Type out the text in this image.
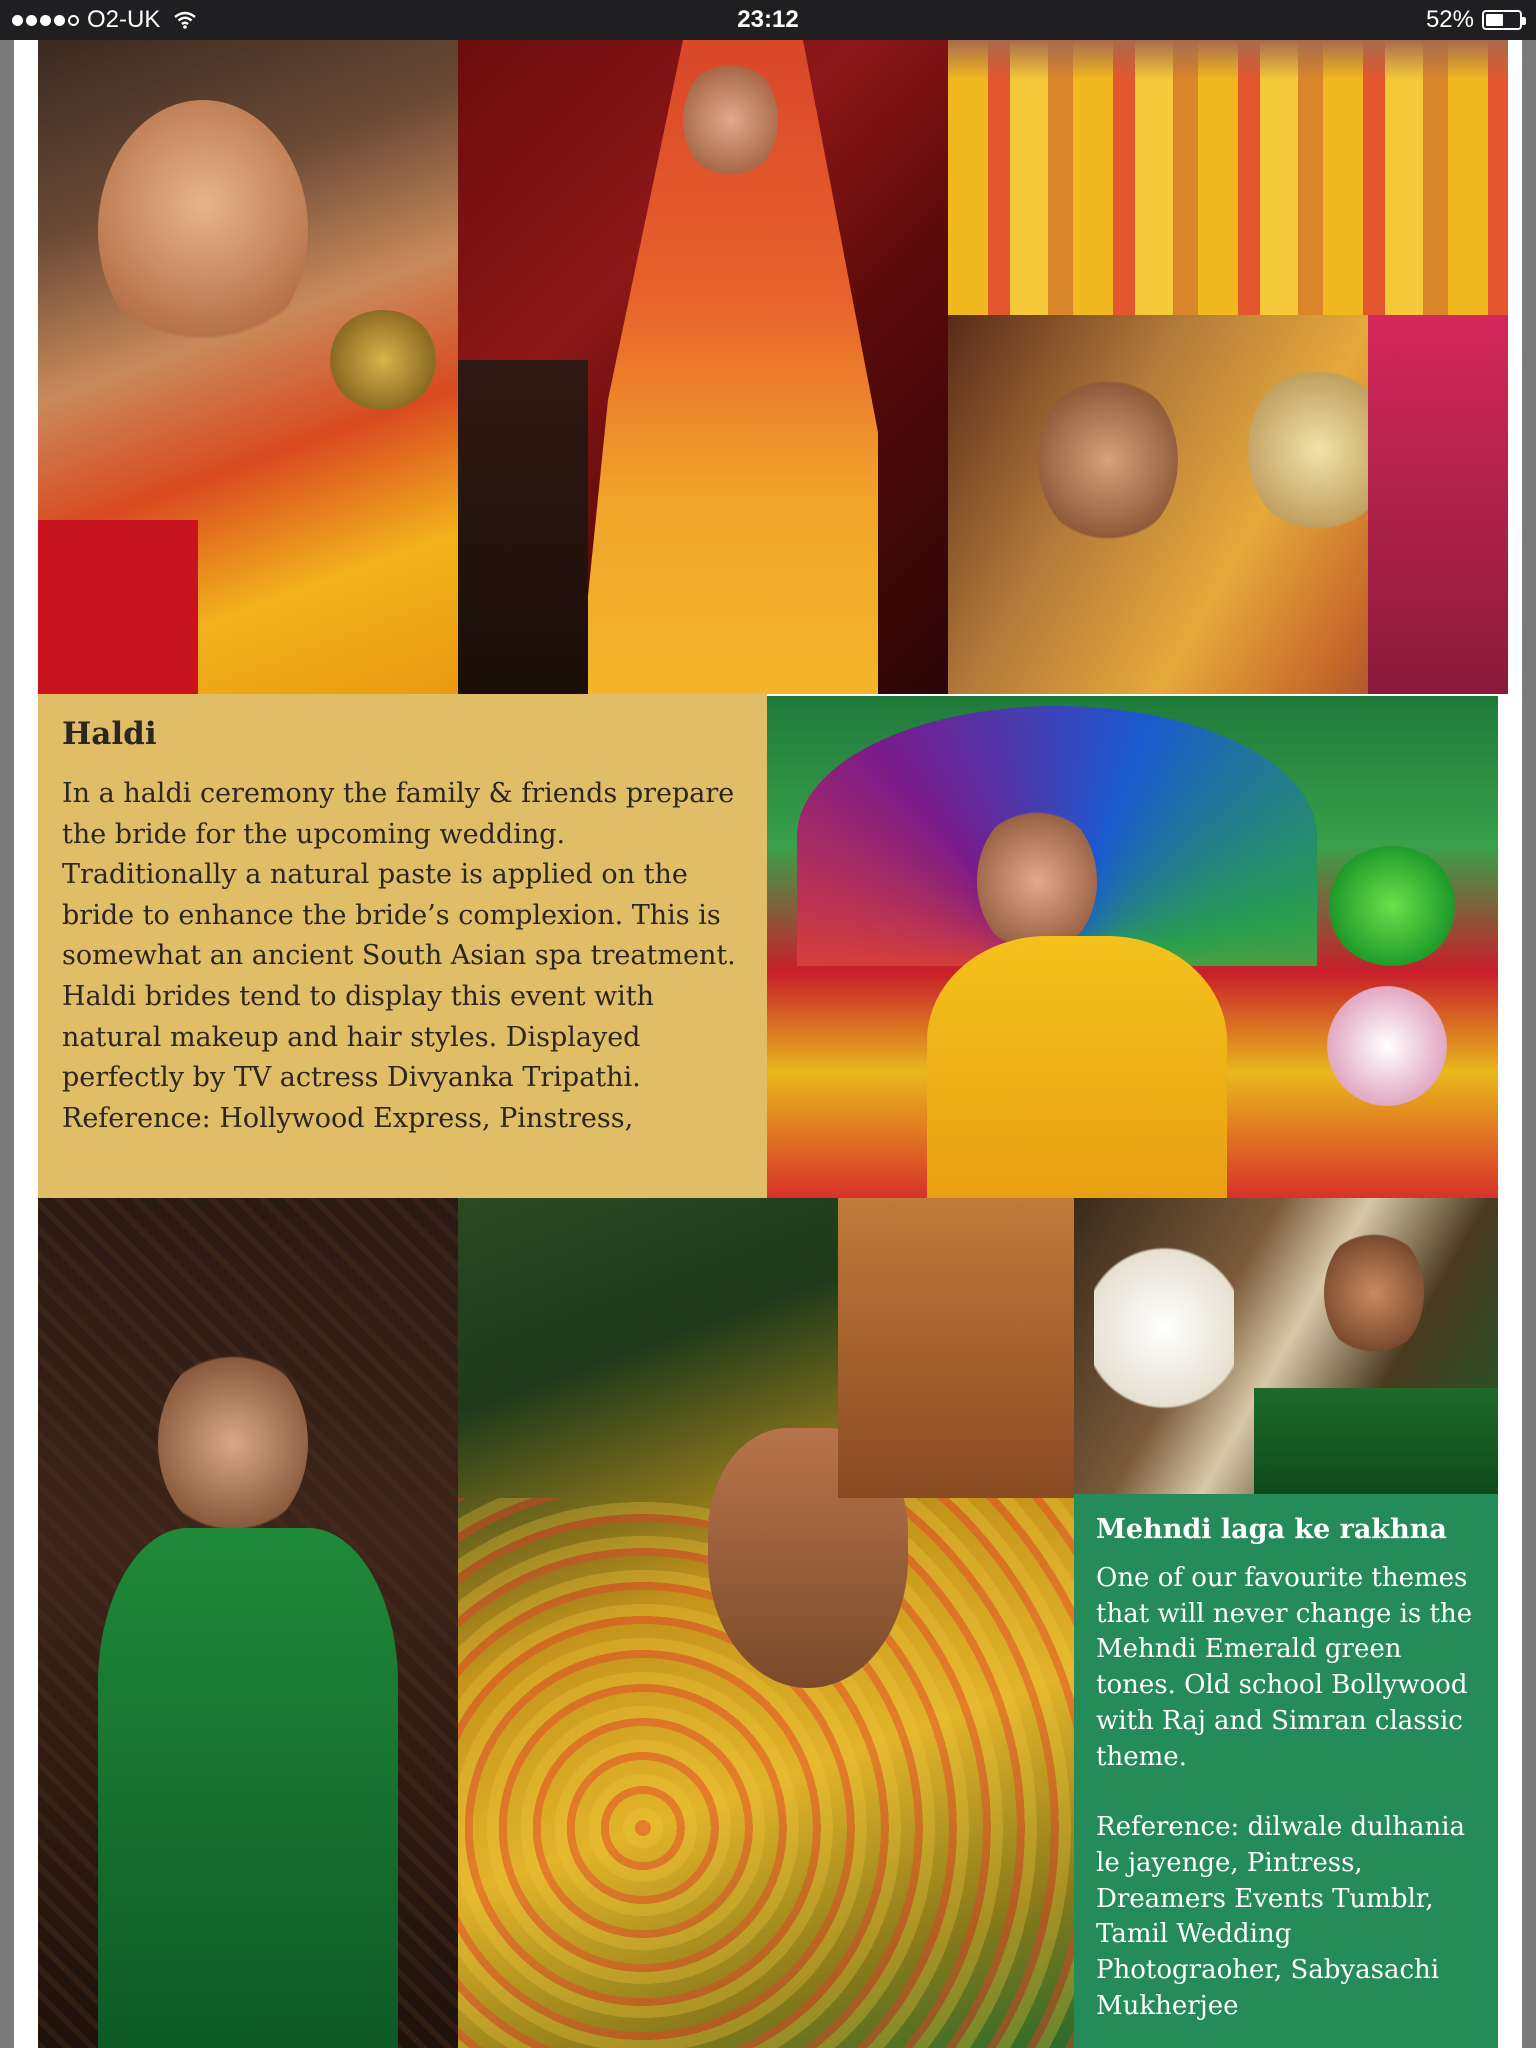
O2-UK	23:12	52%
Haldi
In a haldi ceremony the family & friends prepare the bride for the upcoming wedding. Traditionally a natural paste is applied on the bride to enhance the bride’s complexion. This is somewhat an ancient South Asian spa treatment. Haldi brides tend to display this event with natural makeup and hair styles. Displayed perfectly by TV actress Divyanka Tripathi. Reference: Hollywood Express, Pinstress,
Mehndi laga ke rakhna
One of our favourite themes that will never change is the Mehndi Emerald green tones. Old school Bollywood with Raj and Simran classic theme.
Reference: dilwale dulhania le jayenge, Pintress, Dreamers Events Tumblr, Tamil Wedding Photograoher, Sabyasachi Mukherjee
